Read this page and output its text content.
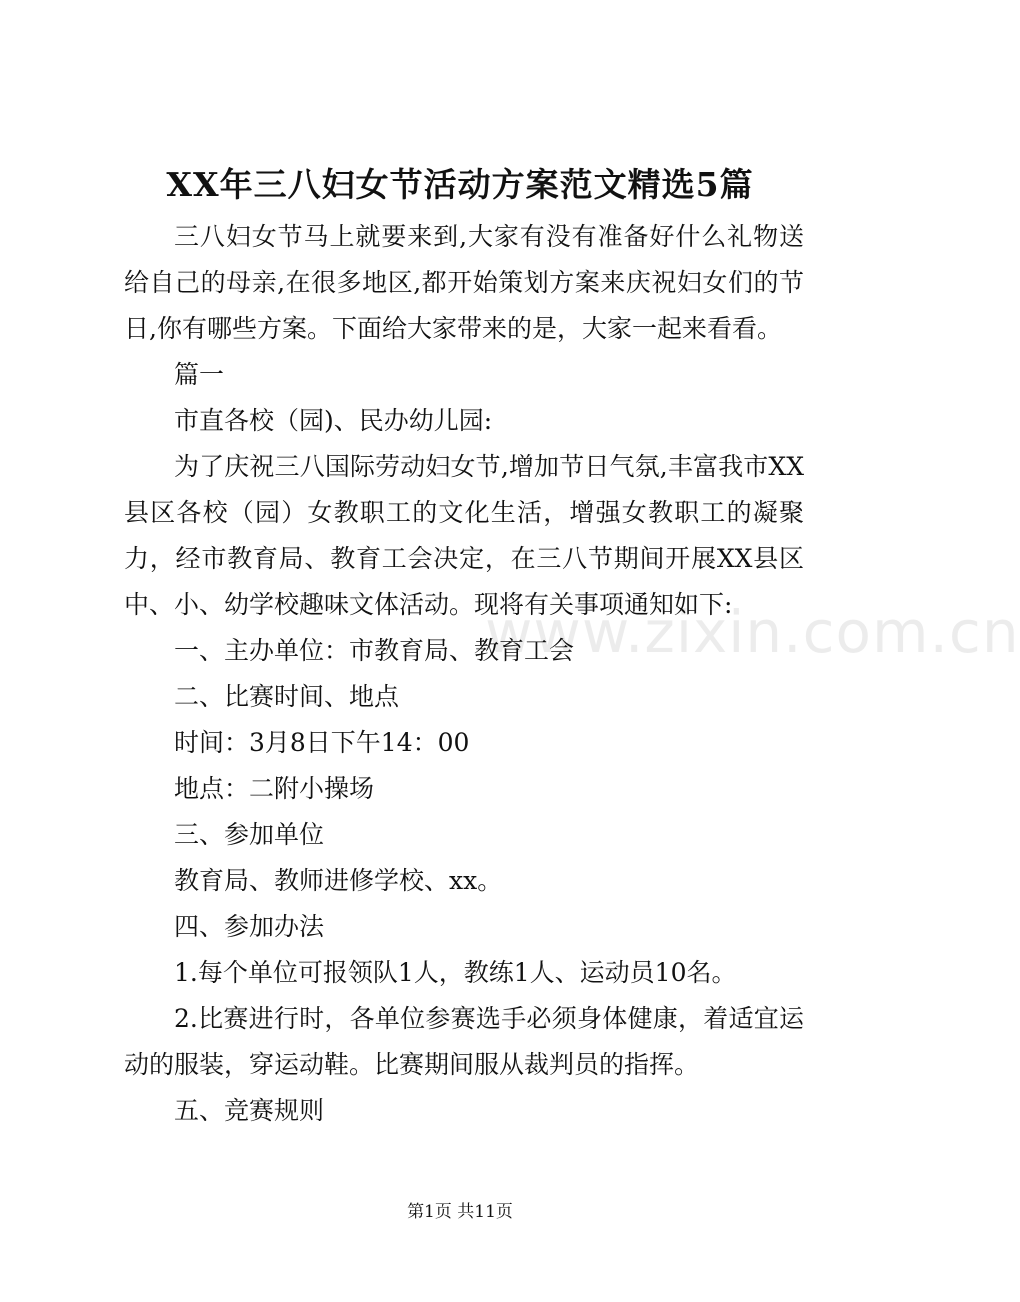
XX年三八妇女节活动方案范文精选5篇

三八妇女节马上就要来到,大家有没有准备好什么礼物送给自己的母亲,在很多地区,都开始策划方案来庆祝妇女们的节日,你有哪些方案。下面给大家带来的是，大家一起来看看。

篇一

市直各校（园)、民办幼儿园:

为了庆祝三八国际劳动妇女节,增加节日气氛,丰富我市XX县区各校（园）女教职工的文化生活，增强女教职工的凝聚力，经市教育局、教育工会决定，在三八节期间开展XX县区中、小、幼学校趣味文体活动。现将有关事项通知如下:

一、主办单位：市教育局、教育工会

二、比赛时间、地点

时间：3月8日下午14：00

地点：二附小操场

三、参加单位

教育局、教师进修学校、xx。

四、参加办法

1.每个单位可报领队1人，教练1人、运动员10名。

2.比赛进行时，各单位参赛选手必须身体健康，着适宜运动的服装，穿运动鞋。比赛期间服从裁判员的指挥。

五、竞赛规则

www.zixin.com.cn
第1页 共11页
